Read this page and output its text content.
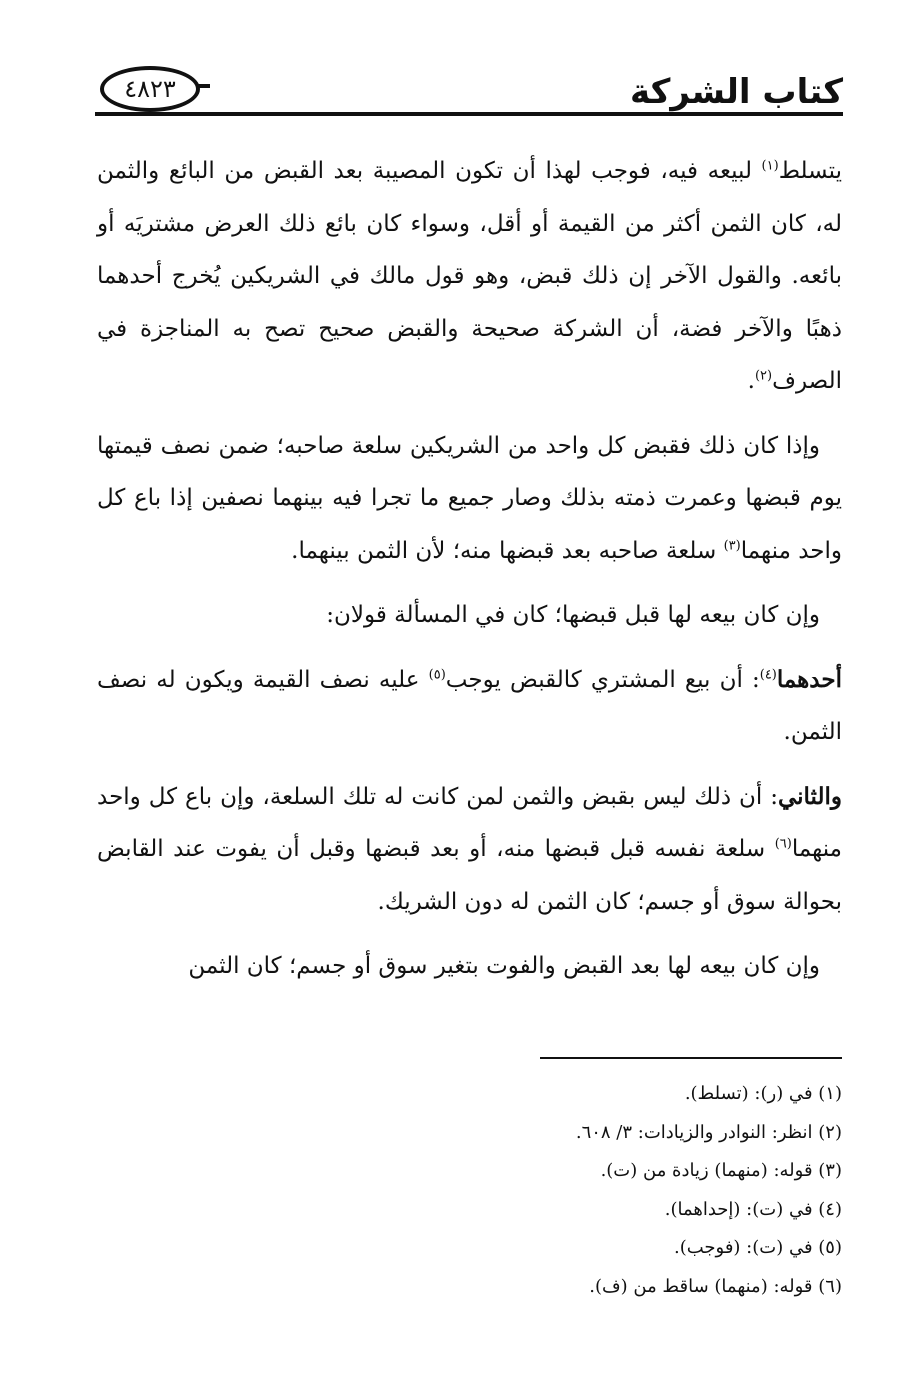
كتاب الشركة
٤٨٢٣

يتسلط$^{(١)}$ لبيعه فيه، فوجب لهذا أن تكون المصيبة بعد القبض من البائع والثمن له، كان الثمن أكثر من القيمة أو أقل، وسواء كان بائع ذلك العرض مشتريَه أو بائعه. والقول الآخر إن ذلك قبض، وهو قول مالك في الشريكين يُخرج أحدهما ذهبًا والآخر فضة، أن الشركة صحيحة والقبض صحيح تصح به المناجزة في الصرف$^{(٢)}$.

وإذا كان ذلك فقبض كل واحد من الشريكين سلعة صاحبه؛ ضمن نصف قيمتها يوم قبضها وعمرت ذمته بذلك وصار جميع ما تجرا فيه بينهما نصفين إذا باع كل واحد منهما$^{(٣)}$ سلعة صاحبه بعد قبضها منه؛ لأن الثمن بينهما.

وإن كان بيعه لها قبل قبضها؛ كان في المسألة قولان:

أحدهما$^{(٤)}$: أن بيع المشتري كالقبض يوجب$^{(٥)}$ عليه نصف القيمة ويكون له نصف الثمن.

والثاني: أن ذلك ليس بقبض والثمن لمن كانت له تلك السلعة، وإن باع كل واحد منهما$^{(٦)}$ سلعة نفسه قبل قبضها منه، أو بعد قبضها وقبل أن يفوت عند القابض بحوالة سوق أو جسم؛ كان الثمن له دون الشريك.

وإن كان بيعه لها بعد القبض والفوت بتغير سوق أو جسم؛ كان الثمن

(١) في (ر): (تسلط).

(٢) انظر: النوادر والزيادات: ٣/ ٦٠٨.

(٣) قوله: (منهما) زيادة من (ت).

(٤) في (ت): (إحداهما).

(٥) في (ت): (فوجب).

(٦) قوله: (منهما) ساقط من (ف).
